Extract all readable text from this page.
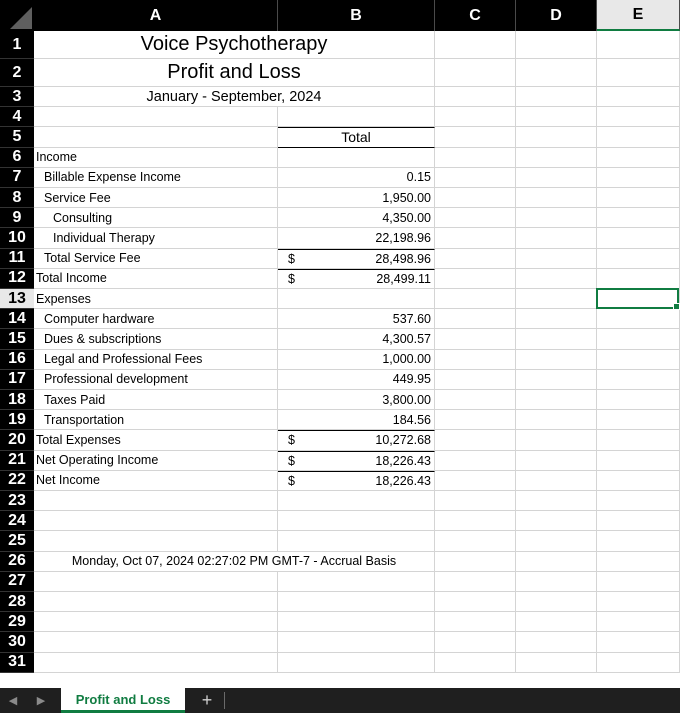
A	B	C	D	E
1
2
3
4
5
6
7
8
9
10
11
12
13
14
15
16
17
18
19
20
21
22
23
24
25
26
27
28
29
30
31
Voice Psychotherapy
Profit and Loss
January - September, 2024
Total
Income
Billable Expense Income	0.15
Service Fee	1,950.00
Consulting	4,350.00
Individual Therapy	22,198.96
Total Service Fee	$	28,498.96
Total Income	$	28,499.11
Expenses
Computer hardware	537.60
Dues & subscriptions	4,300.57
Legal and Professional Fees	1,000.00
Professional development	449.95
Taxes Paid	3,800.00
Transportation	184.56
Total Expenses	$	10,272.68
Net Operating Income	$	18,226.43
Net Income	$	18,226.43
Monday, Oct 07, 2024 02:27:02 PM GMT-7 - Accrual Basis
◀	▶	Profit and Loss	+
